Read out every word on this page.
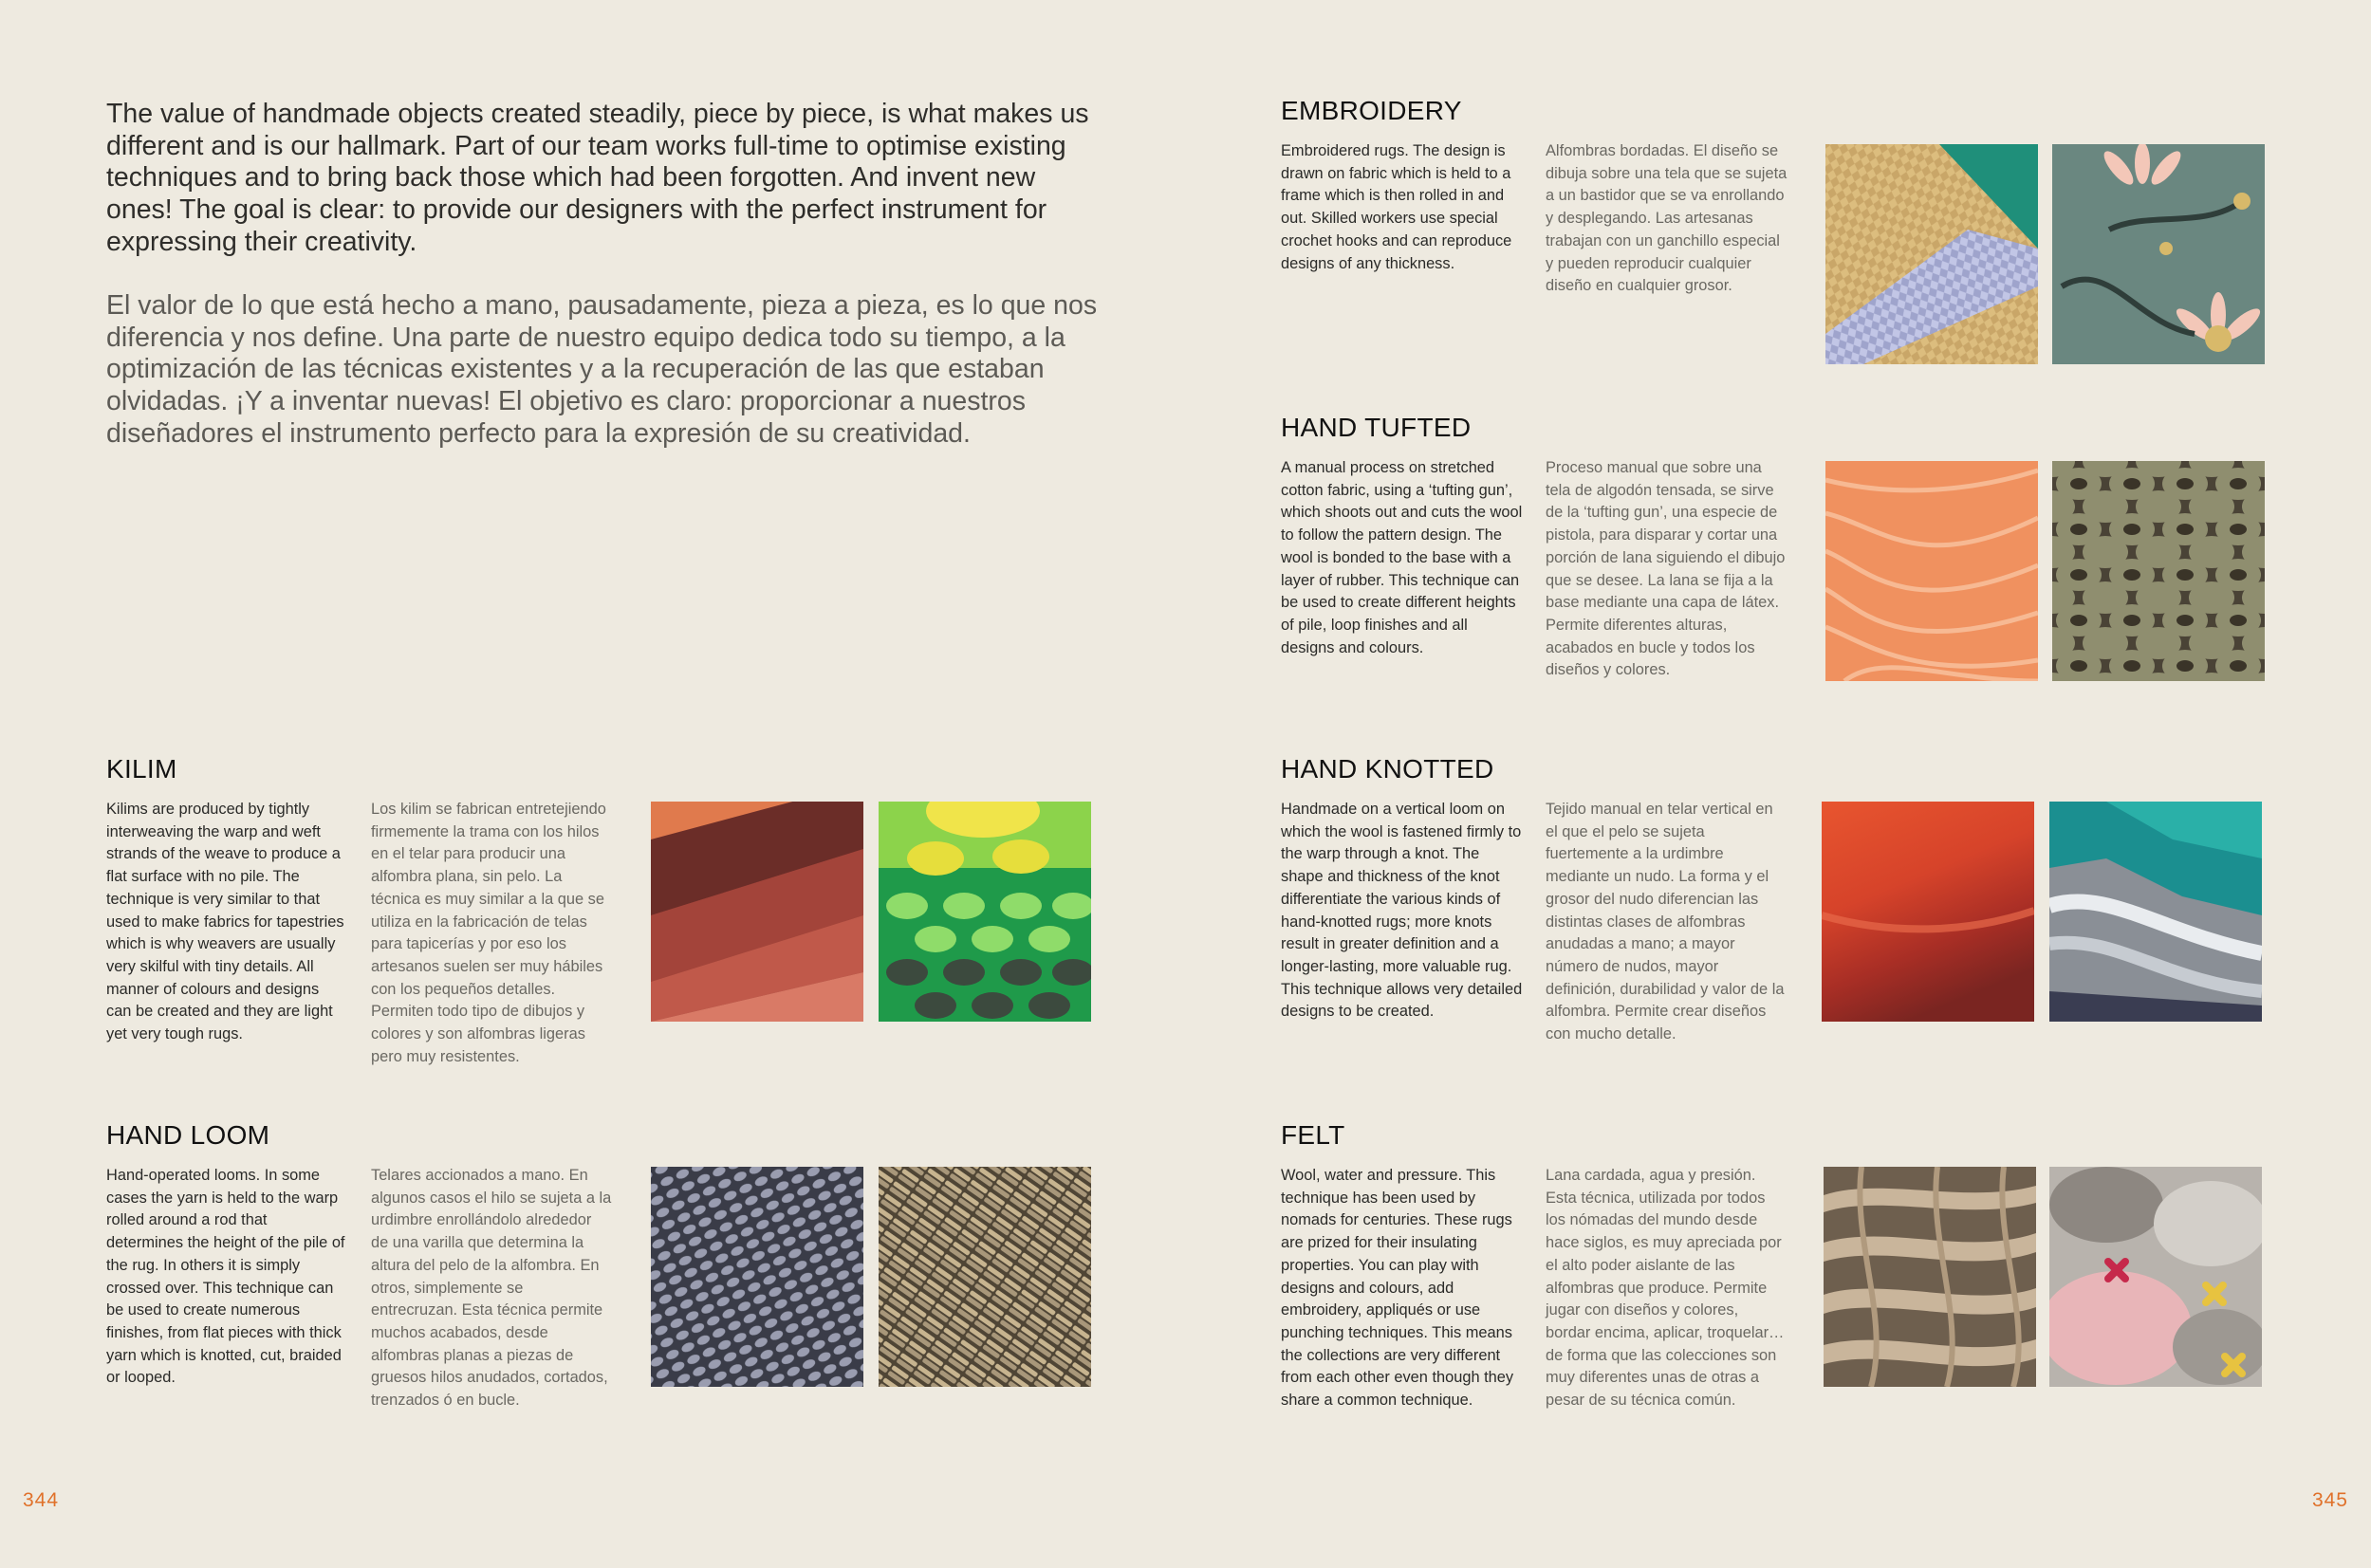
The value of handmade objects created steadily, piece by piece, is what makes us different and is our hallmark. Part of our team works full-time to optimise existing techniques and to bring back those which had been forgotten. And invent new ones! The goal is clear: to provide our designers with the perfect instrument for expressing their creativity.

El valor de lo que está hecho a mano, pausadamente, pieza a pieza, es lo que nos diferencia y nos define. Una parte de nuestro equipo dedica todo su tiempo, a la optimización de las técnicas existentes y a la recuperación de las que estaban olvidadas. ¡Y a inventar nuevas! El objetivo es claro: proporcionar a nuestros diseñadores el instrumento perfecto para la expresión de su creatividad.

KILIM

Kilims are produced by tightly interweaving the warp and weft strands of the weave to produce a flat surface with no pile. The technique is very similar to that used to make fabrics for tapestries which is why weavers are usually very skilful with tiny details. All manner of colours and designs can be created and they are light yet very tough rugs.

Los kilim se fabrican entretejiendo firmemente la trama con los hilos en el telar para producir una alfombra plana, sin pelo. La técnica es muy similar a la que se utiliza en la fabricación de telas para tapicerías y por eso los artesanos suelen ser muy hábiles con los pequeños detalles. Permiten todo tipo de dibujos y colores y son alfombras ligeras pero muy resistentes.

HAND LOOM

Hand-operated looms. In some cases the yarn is held to the warp rolled around a rod that determines the height of the pile of the rug. In others it is simply crossed over. This technique can be used to create numerous finishes, from flat pieces with thick yarn which is knotted, cut, braided or looped.

Telares accionados a mano. En algunos casos el hilo se sujeta a la urdimbre enrollándolo alrededor de una varilla que determina la altura del pelo de la alfombra. En otros, simplemente se entrecruzan. Esta técnica permite muchos acabados, desde alfombras planas a piezas de gruesos hilos anudados, cortados, trenzados ó en bucle.

EMBROIDERY

Embroidered rugs. The design is drawn on fabric which is held to a frame which is then rolled in and out. Skilled workers use special crochet hooks and can reproduce designs of any thickness.

Alfombras bordadas. El diseño se dibuja sobre una tela que se sujeta a un bastidor que se va enrollando y desplegando. Las artesanas trabajan con un ganchillo especial y pueden reproducir cualquier diseño en cualquier grosor.

HAND TUFTED

A manual process on stretched cotton fabric, using a ‘tufting gun’, which shoots out and cuts the wool to follow the pattern design. The wool is bonded to the base with a layer of rubber. This technique can be used to create different heights of pile, loop finishes and all designs and colours.

Proceso manual que sobre una tela de algodón tensada, se sirve de la ‘tufting gun’, una especie de pistola, para disparar y cortar una porción de lana siguiendo el dibujo que se desee. La lana se fija a la base mediante una capa de látex. Permite diferentes alturas, acabados en bucle y todos los diseños y colores.

HAND KNOTTED

Handmade on a vertical loom on which the wool is fastened firmly to the warp through a knot. The shape and thickness of the knot differentiate the various kinds of hand-knotted rugs; more knots result in greater definition and a longer-lasting, more valuable rug. This technique allows very detailed designs to be created.

Tejido manual en telar vertical en el que el pelo se sujeta fuertemente a la urdimbre mediante un nudo. La forma y el grosor del nudo diferencian las distintas clases de alfombras anudadas a mano; a mayor número de nudos, mayor definición, durabilidad y valor de la alfombra. Permite crear diseños con mucho detalle.

FELT

Wool, water and pressure. This technique has been used by nomads for centuries. These rugs are prized for their insulating properties. You can play with designs and colours, add embroidery, appliqués or use punching techniques. This means the collections are very different from each other even though they share a common technique.

Lana cardada, agua y presión. Esta técnica, utilizada por todos los nómadas del mundo desde hace siglos, es muy apreciada por el alto poder aislante de las alfombras que produce. Permite jugar con diseños y colores, bordar encima, aplicar, troquelar… de forma que las colecciones son muy diferentes unas de otras a pesar de su técnica común.

344	345
